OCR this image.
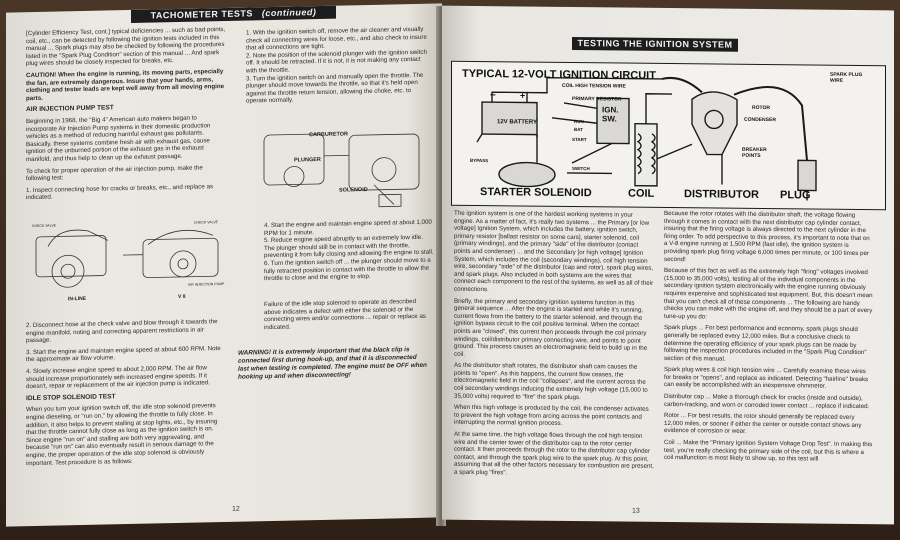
TACHOMETER TESTS (continued)

[Cylinder Efficiency Test, cont.] typical deficiencies ... such as bad points, coil, etc., can be detected by following the ignition tests included in this manual ... Spark plugs may also be checked by following the procedures listed in the "Spark Plug Condition" section of this manual ... And spark plug wires should be closely inspected for breaks, etc.

CAUTION! When the engine is running, its moving parts, especially the fan, are extremely dangerous. Insure that your hands, arms, clothing and tester leads are kept well away from all moving engine parts.

AIR INJECTION PUMP TEST

Beginning in 1968, the "Big 4" American auto makers began to incorporate Air Injection Pump systems in their domestic production vehicles as a method of reducing harmful exhaust gas pollutants. Basically, these systems combine fresh air with exhaust gas, cause ignition of the unburned portion of the exhaust gas in the exhaust manifold, and thus help to clean up the exhaust passage.

To check for proper operation of the air injection pump, make the following test:

1. Inspect connecting hose for cracks or breaks, etc., and replace as indicated.

IN-LINE	V 8
CHECK VALVE
CHECK VALVE
AIR INJECTION PUMP

2. Disconnect hose at the check valve and blow through it towards the engine manifold, noting and correcting apparent restrictions in air passage.

3. Start the engine and maintain engine speed at about 600 RPM. Note the approximate air flow volume.

4. Slowly increase engine speed to about 2,000 RPM. The air flow should increase proportionately with increased engine speeds. If it doesn't, repair or replacement of the air injection pump is indicated.

IDLE STOP SOLENOID TEST

When you turn your ignition switch off, the idle stop solenoid prevents engine dieseling, or "run on," by allowing the throttle to fully close. In addition, it also helps to prevent stalling at stop lights, etc., by insuring that the throttle cannot fully close as long as the ignition switch is on. Since engine "run on" and stalling are both very aggravating, and because "run on" can also eventually result in serious damage to the engine, the proper operation of the idle stop solenoid is obviously important. Test procedure is as follows:

1. With the ignition switch off, remove the air cleaner and visually check all connecting wires for loose, etc., and also check to insure that all connections are tight.
2. Note the position of the solenoid plunger with the ignition switch off. It should be retracted. If it is not, it is not making any contact with the throttle.
3. Turn the ignition switch on and manually open the throttle. The plunger should move towards the throttle, so that it's held open against the throttle return tension, allowing the choke, etc. to operate normally.
CARBURETOR
PLUNGER
SOLENOID
4. Start the engine and maintain engine speed at about 1,000 RPM for 1 minute.
5. Reduce engine speed abruptly to an extremely low idle. The plunger should still be in contact with the throttle, preventing it from fully closing and allowing the engine to stall.
6. Turn the ignition switch off ... the plunger should move to a fully retracted position in contact with the throttle to allow the throttle to close and the engine to stop.
Failure of the idle stop solenoid to operate as described above indicates a defect with either the solenoid or the connecting wires and/or connections ... repair or replace as indicated.
WARNING! It is extremely important that the black clip is connected first during hook-up, and that it is disconnected last when testing is completed. The engine must be OFF when hooking up and when disconnecting!
12
TESTING THE IGNITION SYSTEM
12V BATTERY
−	+
TYPICAL 12-VOLT IGNITION CIRCUIT
COIL HIGH TENSION WIRE
PRIMARY RESISTOR
IGN. SW.
RUN
BAT
START
BYPASS
SWITCH
ROTOR
CONDENSER
BREAKER POINTS
SPARK PLUG WIRE
STARTER SOLENOID	COIL	DISTRIBUTOR PLUG

The ignition system is one of the hardest working systems in your engine. As a matter of fact, it's really two systems ... the Primary [or low voltage] Ignition System, which includes the battery, ignition switch, primary resistor [ballast resistor on some cars], starter solenoid, coil (primary windings), and the primary "side" of the distributor (contact points and condenser) ... and the Secondary [or high voltage] Ignition System, which includes the coil (secondary windings), coil high tension wire, secondary "side" of the distributor (cap and rotor), spark plug wires, and spark plugs. Also included in both systems are the wires that connect each component to the rest of the systems, as well as all of their connections.

Briefly, the primary and secondary ignition systems function in this general sequence ... After the engine is started and while it's running, current flows from the battery to the starter solenoid, and through the ignition bypass circuit to the coil positive terminal. When the contact points are "closed", this current then proceeds through the coil primary windings, coil/distributor primary connecting wire, and points to point ground. This process causes an electromagnetic field to build up in the coil.

As the distributor shaft rotates, the distributor shaft cam causes the points to "open". As this happens, the current flow ceases, the electromagnetic field in the coil "collapses", and the current across the coil secondary windings inducing the extremely high voltage (15,000 to 35,000 volts) required to "fire" the spark plugs.

When this high voltage is produced by the coil, the condenser activates to prevent the high voltage from arcing across the point contacts and interrupting the normal ignition process.

At the same time, the high voltage flows through the coil high tension wire and the center tower of the distributor cap to the rotor center contact. It then proceeds through the rotor to the distributor cap cylinder contact, and through the spark plug wire to the spark plug. At this point, assuming that all the other factors necessary for combustion are present, a spark plug "fires".

Because the rotor rotates with the distributor shaft, the voltage flowing through it comes in contact with the next distributor cap cylinder contact, insuring that the firing voltage is always directed to the next cylinder in the firing order. To add perspective to this process, it's important to note that on a V-8 engine running at 1,500 RPM (fast idle), the ignition system is providing spark plug firing voltage 6,000 times per minute, or 100 times per second!

Because of this fact as well as the extremely high "firing" voltages involved (15,000 to 35,000 volts), testing all of the individual components in the secondary ignition system electronically with the engine running obviously requires expensive and sophisticated test equipment. But, this doesn't mean that you can't check all of these components ... The following are handy checks you can make with the engine off, and they should be a part of every tune-up you do:

Spark plugs ... For best performance and economy, spark plugs should generally be replaced every 12,000 miles. But a conclusive check to determine the operating efficiency of your spark plugs can be made by following the inspection procedures included in the "Spark Plug Condition" section of this manual.

Spark plug wires & coil high tension wire ... Carefully examine these wires for breaks or "opens", and replace as indicated. Detecting "hairline" breaks can easily be accomplished with an inexpensive ohmmeter.

Distributor cap ... Make a thorough check for cracks (inside and outside), carbon-tracking, and worn or corroded tower contact ... replace if indicated.

Rotor ... For best results, the rotor should generally be replaced every 12,000 miles, or sooner if either the center or outside contact shows any evidence of corrosion or wear.

Coil ... Make the "Primary Ignition System Voltage Drop Test". In making this test, you're really checking the primary side of the coil, but this is where a coil malfunction is most likely to show up, so this test will

13
